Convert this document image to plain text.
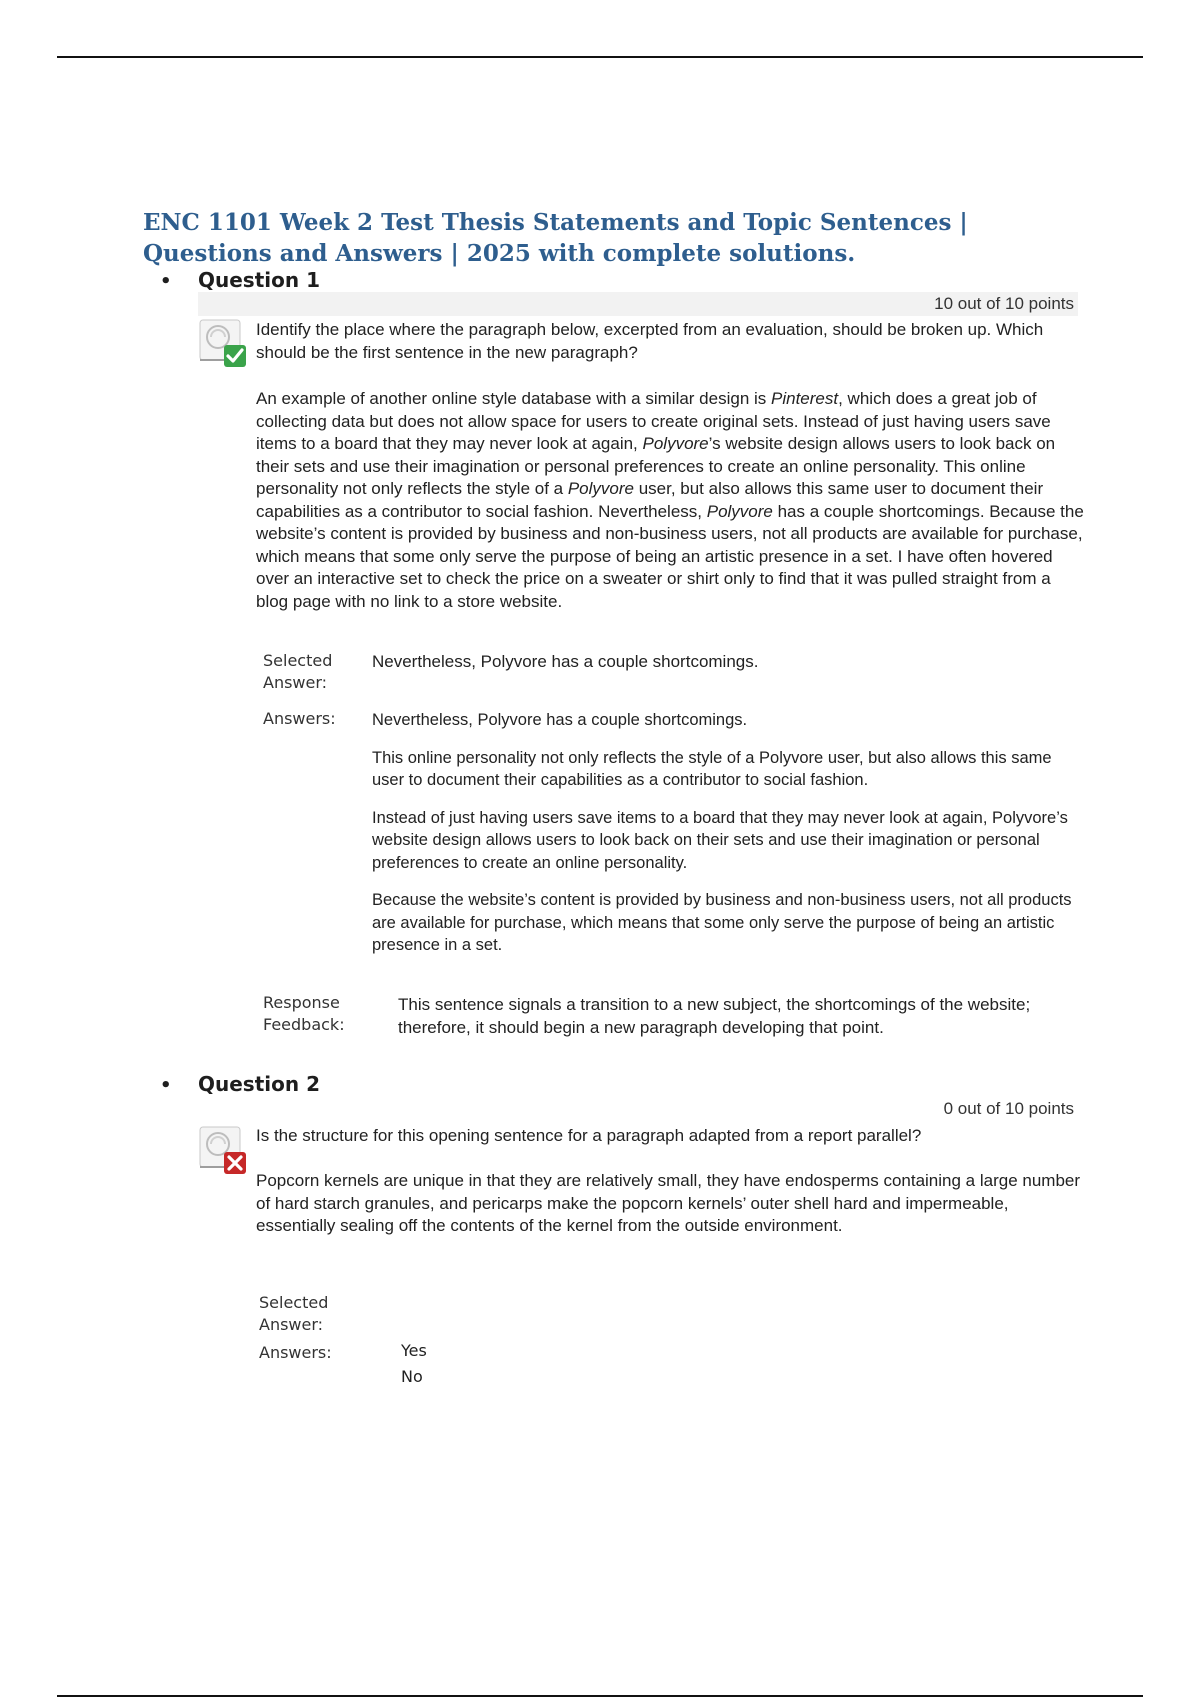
ENC 1101 Week 2 Test Thesis Statements and Topic Sentences | Questions and Answers | 2025 with complete solutions.
• Question 1
10 out of 10 points

Identify the place where the paragraph below, excerpted from an evaluation, should be broken up. Which should be the first sentence in the new paragraph?

An example of another online style database with a similar design is Pinterest, which does a great job of collecting data but does not allow space for users to create original sets. Instead of just having users save items to a board that they may never look at again, Polyvore’s website design allows users to look back on their sets and use their imagination or personal preferences to create an online personality. This online personality not only reflects the style of a Polyvore user, but also allows this same user to document their capabilities as a contributor to social fashion. Nevertheless, Polyvore has a couple shortcomings. Because the website’s content is provided by business and non-business users, not all products are available for purchase, which means that some only serve the purpose of being an artistic presence in a set. I have often hovered over an interactive set to check the price on a sweater or shirt only to find that it was pulled straight from a blog page with no link to a store website.

Selected Answer:

Nevertheless, Polyvore has a couple shortcomings.

Answers:	Nevertheless, Polyvore has a couple shortcomings.

This online personality not only reflects the style of a Polyvore user, but also allows this same user to document their capabilities as a contributor to social fashion.

Instead of just having users save items to a board that they may never look at again, Polyvore’s website design allows users to look back on their sets and use their imagination or personal preferences to create an online personality.

Because the website’s content is provided by business and non-business users, not all products are available for purchase, which means that some only serve the purpose of being an artistic presence in a set.

Response Feedback:

This sentence signals a transition to a new subject, the shortcomings of the website; therefore, it should begin a new paragraph developing that point.

• Question 2
0 out of 10 points

Is the structure for this opening sentence for a paragraph adapted from a report parallel?

Popcorn kernels are unique in that they are relatively small, they have endosperms containing a large number of hard starch granules, and pericarps make the popcorn kernels’ outer shell hard and impermeable, essentially sealing off the contents of the kernel from the outside environment.

Selected Answer:
Answers:	Yes

No
